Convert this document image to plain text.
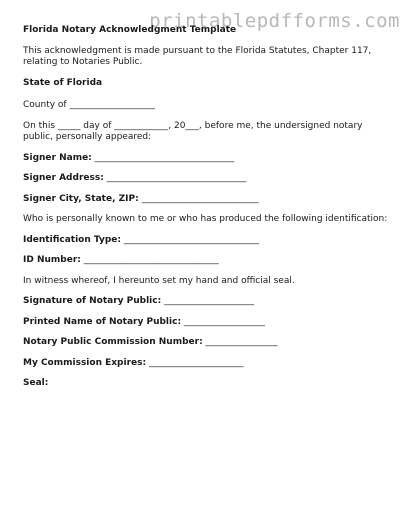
printablepdfforms.com
Florida Notary Acknowledgment Template

This acknowledgment is made pursuant to the Florida Statutes, Chapter 117, relating to Notaries Public.

State of Florida

County of ___________________

On this _____ day of ____________, 20___, before me, the undersigned notary public, personally appeared:

Signer Name: _______________________________

Signer Address: _______________________________

Signer City, State, ZIP: __________________________

Who is personally known to me or who has produced the following identification:

Identification Type: ______________________________

ID Number: ______________________________

In witness whereof, I hereunto set my hand and official seal.

Signature of Notary Public: ____________________

Printed Name of Notary Public: __________________

Notary Public Commission Number: ________________

My Commission Expires: _____________________

Seal:
